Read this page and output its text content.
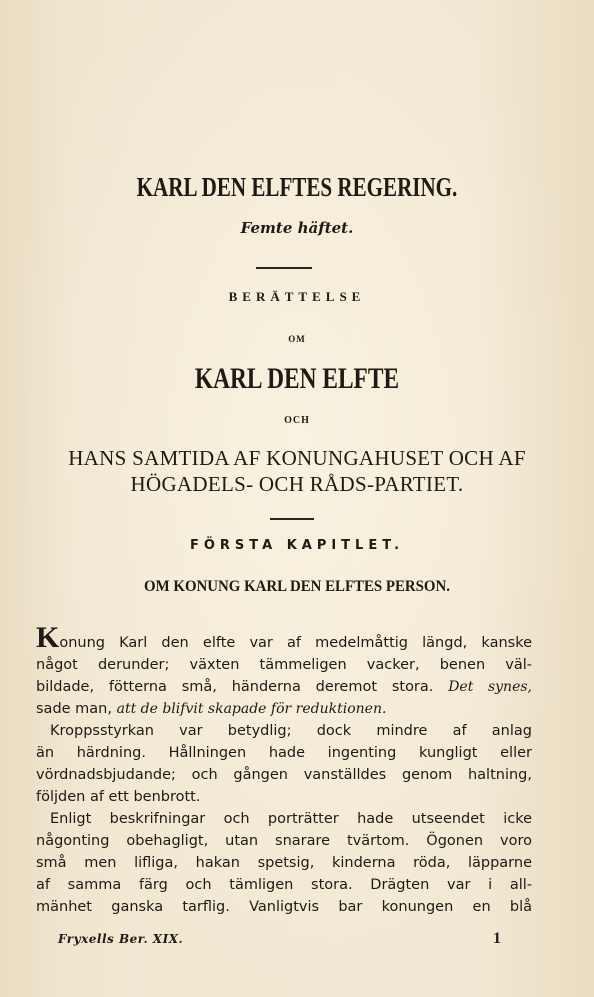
KARL DEN ELFTES REGERING.
Femte häftet.
BERÄTTELSE
OM
KARL DEN ELFTE
OCH
HANS SAMTIDA AF KONUNGAHUSET OCH AF
HÖGADELS- OCH RÅDS-PARTIET.
FÖRSTA KAPITLET.
OM KONUNG KARL DEN ELFTES PERSON.

Konung Karl den elfte var af medelmåttig längd, kanske

något derunder; växten tämmeligen vacker, benen väl-

bildade, fötterna små, händerna deremot stora. Det synes,

sade man, att de blifvit skapade för reduktionen.

Kroppsstyrkan var betydlig; dock mindre af anlag

än härdning. Hållningen hade ingenting kungligt eller

vördnadsbjudande; och gången vanställdes genom haltning,

följden af ett benbrott.

Enligt beskrifningar och porträtter hade utseendet icke

någonting obehagligt, utan snarare tvärtom. Ögonen voro

små men lifliga, hakan spetsig, kinderna röda, läpparne

af samma färg och tämligen stora. Drägten var i all-

mänhet ganska tarflig. Vanligtvis bar konungen en blå

Fryxells Ber. XIX.	1
